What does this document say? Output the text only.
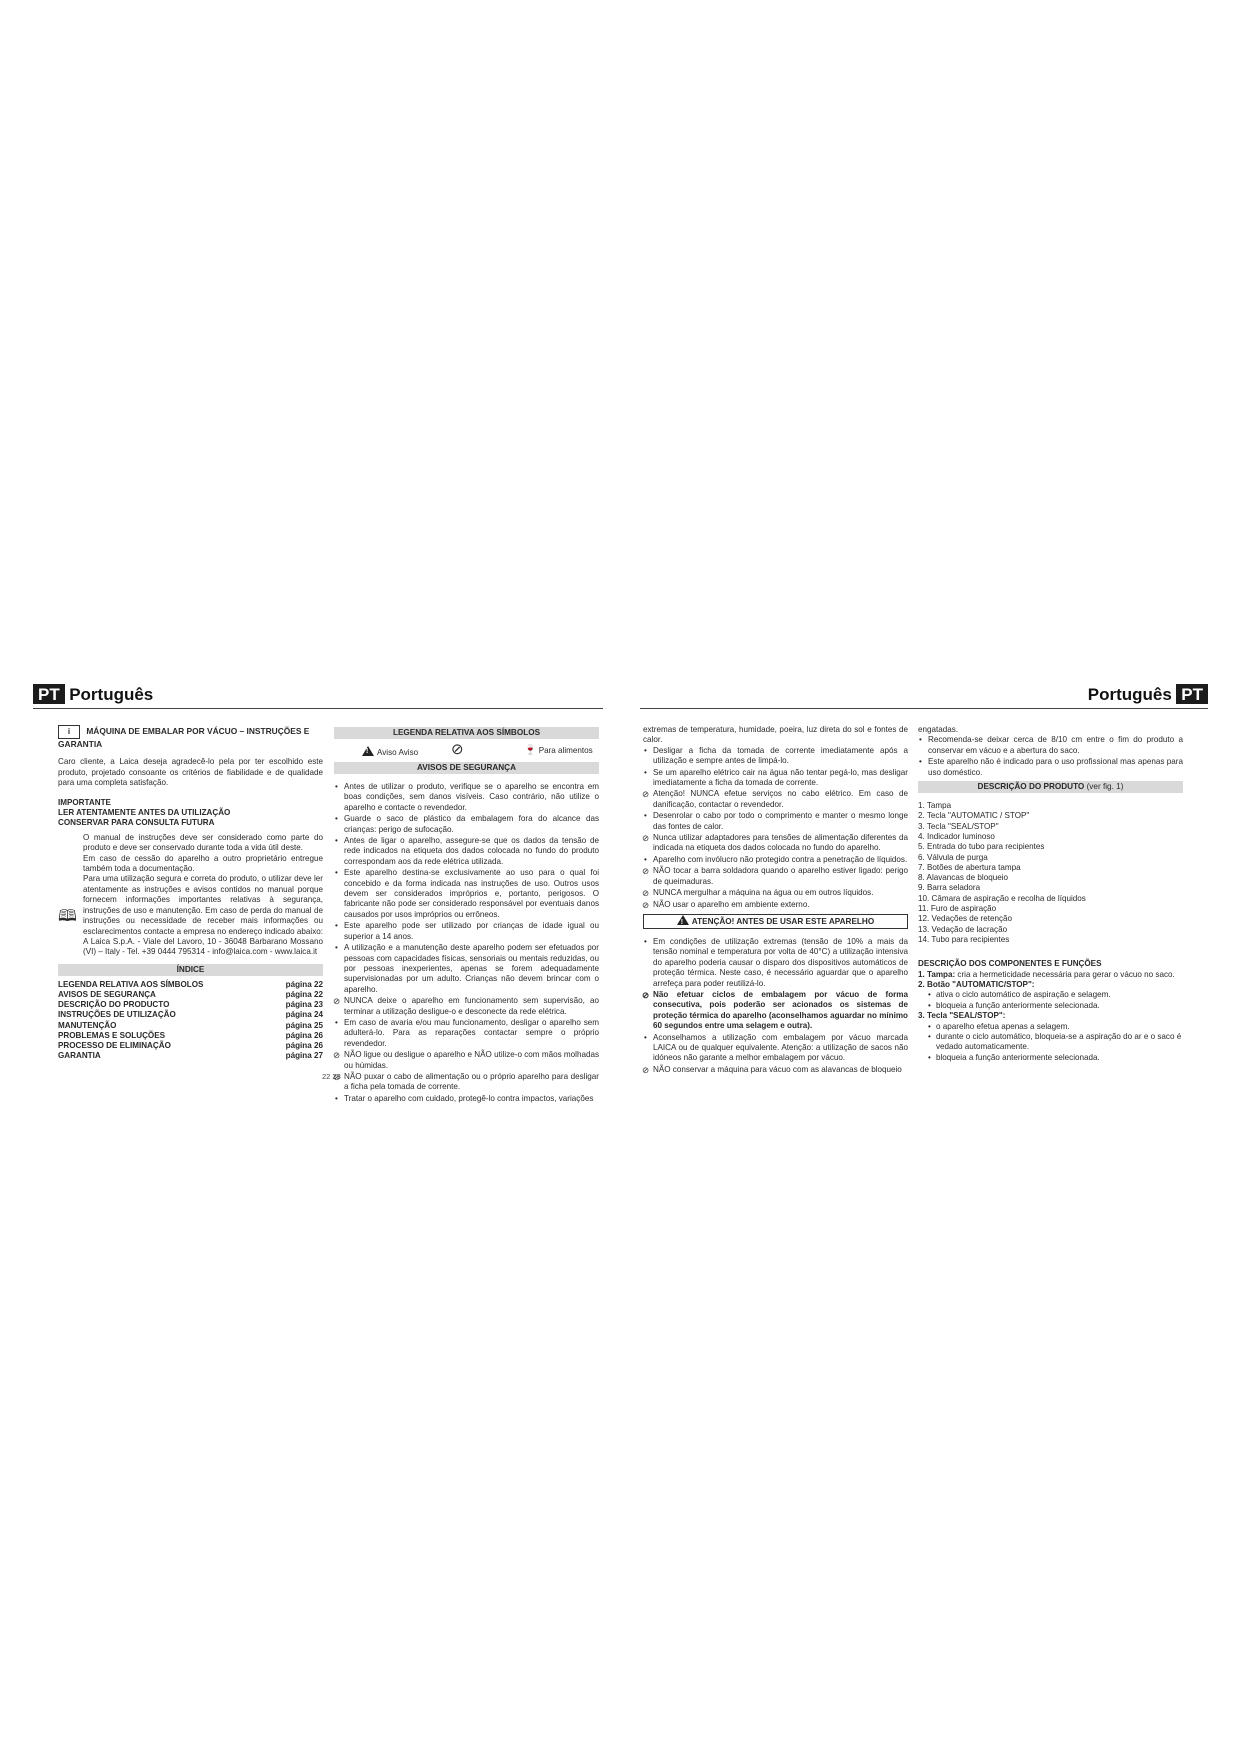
PT Português	Português PT
i MÁQUINA DE EMBALAR POR VÁCUO – INSTRUÇÕES E GARANTIA

Caro cliente, a Laica deseja agradecê-lo pela por ter escolhido este produto, projetado consoante os critérios de fiabilidade e de qualidade para uma completa satisfação.

IMPORTANTE
LER ATENTAMENTE ANTES DA UTILIZAÇÃO
CONSERVAR PARA CONSULTA FUTURA
🕮

O manual de instruções deve ser considerado como parte do produto e deve ser conservado durante toda a vida útil deste.

Em caso de cessão do aparelho a outro proprietário entregue também toda a documentação.

Para uma utilização segura e correta do produto, o utilizar deve ler atentamente as instruções e avisos contidos no manual porque fornecem informações importantes relativas à segurança, instruções de uso e manutenção. Em caso de perda do manual de instruções ou necessidade de receber mais informações ou esclarecimentos contacte a empresa no endereço indicado abaixo: A Laica S.p.A. - Viale del Lavoro, 10 - 36048 Barbarano Mossano (VI) – Italy - Tel. +39 0444 795314 - info@laica.com - www.laica.it

ÍNDICE
LEGENDA RELATIVA AOS SÍMBOLOS	página 22
AVISOS DE SEGURANÇA	página 22
DESCRIÇÃO DO PRODUCTO	página 23
INSTRUÇÕES DE UTILIZAÇÃO	página 24
MANUTENÇÃO	página 25
PROBLEMAS E SOLUÇÕES	página 26
PROCESSO DE ELIMINAÇÃO	página 26
GARANTIA	página 27
LEGENDA RELATIVA AOS SÍMBOLOS
!Aviso Aviso ⊘	🍷 Para alimentos
AVISOS DE SEGURANÇA
• Antes de utilizar o produto, verifique se o aparelho se encontra em boas condições, sem danos visíveis. Caso contrário, não utilize o aparelho e contacte o revendedor.
• Guarde o saco de plástico da embalagem fora do alcance das crianças: perigo de sufocação.
• Antes de ligar o aparelho, assegure-se que os dados da tensão de rede indicados na etiqueta dos dados colocada no fundo do produto correspondam aos da rede elétrica utilizada.
• Este aparelho destina-se exclusivamente ao uso para o qual foi concebido e da forma indicada nas instruções de uso. Outros usos devem ser considerados impróprios e, portanto, perigosos. O fabricante não pode ser considerado responsável por eventuais danos causados por usos impróprios ou errôneos.
• Este aparelho pode ser utilizado por crianças de idade igual ou superior a 14 anos.
• A utilização e a manutenção deste aparelho podem ser efetuados por pessoas com capacidades físicas, sensoriais ou mentais reduzidas, ou por pessoas inexperientes, apenas se forem adequadamente supervisionadas por um adulto. Crianças não devem brincar com o aparelho.
⊘ NUNCA deixe o aparelho em funcionamento sem supervisão, ao terminar a utilização desligue-o e desconecte da rede elétrica.
• Em caso de avaria e/ou mau funcionamento, desligar o aparelho sem adulterá-lo. Para as reparações contactar sempre o próprio revendedor.
⊘ NÃO ligue ou desligue o aparelho e NÃO utilize-o com mãos molhadas ou húmidas.
⊘ NÃO puxar o cabo de alimentação ou o próprio aparelho para desligar a ficha pela tomada de corrente.
• Tratar o aparelho com cuidado, protegê-lo contra impactos, variações
22 23
extremas de temperatura, humidade, poeira, luz direta do sol e fontes de calor.
• Desligar a ficha da tomada de corrente imediatamente após a utilização e sempre antes de limpá-lo.
• Se um aparelho elétrico cair na água não tentar pegá-lo, mas desligar imediatamente a ficha da tomada de corrente.
⊘ Atenção! NUNCA efetue serviços no cabo elétrico. Em caso de danificação, contactar o revendedor.
• Desenrolar o cabo por todo o comprimento e manter o mesmo longe das fontes de calor.
⊘ Nunca utilizar adaptadores para tensões de alimentação diferentes da indicada na etiqueta dos dados colocada no fundo do aparelho.
• Aparelho com invólucro não protegido contra a penetração de líquidos.
⊘ NÃO tocar a barra soldadora quando o aparelho estiver ligado: perigo de queimaduras.
⊘ NUNCA mergulhar a máquina na água ou em outros líquidos.
⊘ NÃO usar o aparelho em ambiente externo.
!ATENÇÃO! ANTES DE USAR ESTE APARELHO
• Em condições de utilização extremas (tensão de 10% a mais da tensão nominal e temperatura por volta de 40°C) a utilização intensiva do aparelho poderia causar o disparo dos dispositivos automáticos de proteção térmica. Neste caso, é necessário aguardar que o aparelho arrefeça para poder reutilizá-lo.
⊘ Não efetuar ciclos de embalagem por vácuo de forma consecutiva, pois poderão ser acionados os sistemas de proteção térmica do aparelho (aconselhamos aguardar no mínimo 60 segundos entre uma selagem e outra).
• Aconselhamos a utilização com embalagem por vácuo marcada LAICA ou de qualquer equivalente. Atenção: a utilização de sacos não idóneos não garante a melhor embalagem por vácuo.
⊘ NÃO conservar a máquina para vácuo com as alavancas de bloqueio
engatadas.
• Recomenda-se deixar cerca de 8/10 cm entre o fim do produto a conservar em vácuo e a abertura do saco.
• Este aparelho não é indicado para o uso profissional mas apenas para uso doméstico.
DESCRIÇÃO DO PRODUTO (ver fig. 1)
1. Tampa
2. Tecla "AUTOMATIC / STOP"
3. Tecla "SEAL/STOP"
4. Indicador luminoso
5. Entrada do tubo para recipientes
6. Válvula de purga
7. Botões de abertura tampa
8. Alavancas de bloqueio
9. Barra seladora
10. Câmara de aspiração e recolha de líquidos
11. Furo de aspiração
12. Vedações de retenção
13. Vedação de lacração
14. Tubo para recipientes
DESCRIÇÃO DOS COMPONENTES E FUNÇÕES
1. Tampa: cria a hermeticidade necessária para gerar o vácuo no saco.
2. Botão "AUTOMATIC/STOP":
• ativa o ciclo automático de aspiração e selagem.
• bloqueia a função anteriormente selecionada.
3. Tecla "SEAL/STOP":
• o aparelho efetua apenas a selagem.
• durante o ciclo automático, bloqueia-se a aspiração do ar e o saco é vedado automaticamente.
• bloqueia a função anteriormente selecionada.
